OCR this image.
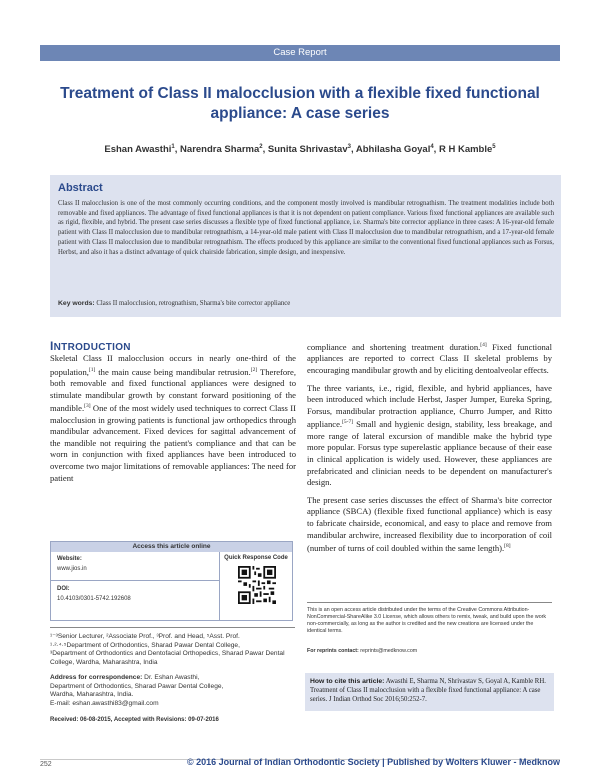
Case Report
Treatment of Class II malocclusion with a flexible fixed functional appliance: A case series
Eshan Awasthi$^1$, Narendra Sharma$^2$, Sunita Shrivastav$^3$, Abhilasha Goyal$^4$, R H Kamble$^5$
Abstract
Class II malocclusion is one of the most commonly occurring conditions, and the component mostly involved is mandibular retrognathism. The treatment modalities include both removable and fixed appliances. The advantage of fixed functional appliances is that it is not dependent on patient compliance. Various fixed functional appliances are available such as rigid, flexible, and hybrid. The present case series discusses a flexible type of fixed functional appliance, i.e. Sharma's bite corrector appliance in three cases: A 16-year-old female patient with Class II malocclusion due to mandibular retrognathism, a 14-year-old male patient with Class II malocclusion due to mandibular retrognathism, and a 17-year-old female patient with Class II malocclusion due to mandibular retrognathism. The effects produced by this appliance are similar to the conventional fixed functional appliances such as Forsus, Herbst, and also it has a distinct advantage of quick chairside fabrication, simple design, and inexpensive.
Key words: Class II malocclusion, retrognathism, Sharma's bite corrector appliance
INTRODUCTION
Skeletal Class II malocclusion occurs in nearly one-third of the population,[1] the main cause being mandibular retrusion.[2] Therefore, both removable and fixed functional appliances were designed to stimulate mandibular growth by constant forward positioning of the mandible.[3] One of the most widely used techniques to correct Class II malocclusion in growing patients is functional jaw orthopedics through mandibular advancement. Fixed devices for sagittal advancement of the mandible not requiring the patient's compliance and that can be worn in conjunction with fixed appliances have been introduced to overcome two major limitations of removable appliances: The need for patient

compliance and shortening treatment duration.[4] Fixed functional appliances are reported to correct Class II skeletal problems by encouraging mandibular growth and by eliciting dentoalveolar effects.

The three variants, i.e., rigid, flexible, and hybrid appliances, have been introduced which include Herbst, Jasper Jumper, Eureka Spring, Forsus, mandibular protraction appliance, Churro Jumper, and Ritto appliance.[5-7] Small and hygienic design, stability, less breakage, and more range of lateral excursion of mandible make the hybrid type more popular. Forsus type superelastic appliance because of their ease in clinical application is widely used. However, these appliances are prefabricated and clinician needs to be dependent on manufacturer's design.

The present case series discusses the effect of Sharma's bite corrector appliance (SBCA) (flexible fixed functional appliance) which is easy to fabricate chairside, economical, and easy to place and remove from mandibular archwire, increased flexibility due to incorporation of coil (number of turns of coil doubled within the same length).[8]

Access this article online
Website:
www.jios.in
DOI:
10.4103/0301-5742.192608
Quick Response Code
¹⁻³Senior Lecturer, ²Associate Prof., ³Prof. and Head, ⁵Asst. Prof.
¹·²·⁴·⁵Department of Orthodontics, Sharad Pawar Dental College,
³Department of Orthodontics and Dentofacial Orthopedics, Sharad Pawar Dental College, Wardha, Maharashtra, India
Address for correspondence: Dr. Eshan Awasthi,
Department of Orthodontics, Sharad Pawar Dental College,
Wardha, Maharashtra, India.
E-mail: eshan.awasthi83@gmail.com
Received: 06-08-2015, Accepted with Revisions: 09-07-2016
This is an open access article distributed under the terms of the Creative Commons Attribution-NonCommercial-ShareAlike 3.0 License, which allows others to remix, tweak, and build upon the work non-commercially, as long as the author is credited and the new creations are licensed under the identical terms.
For reprints contact: reprints@medknow.com
How to cite this article: Awasthi E, Sharma N, Shrivastav S, Goyal A, Kamble RH. Treatment of Class II malocclusion with a flexible fixed functional appliance: A case series. J Indian Orthod Soc 2016;50:252-7.
252	© 2016 Journal of Indian Orthodontic Society | Published by Wolters Kluwer - Medknow
